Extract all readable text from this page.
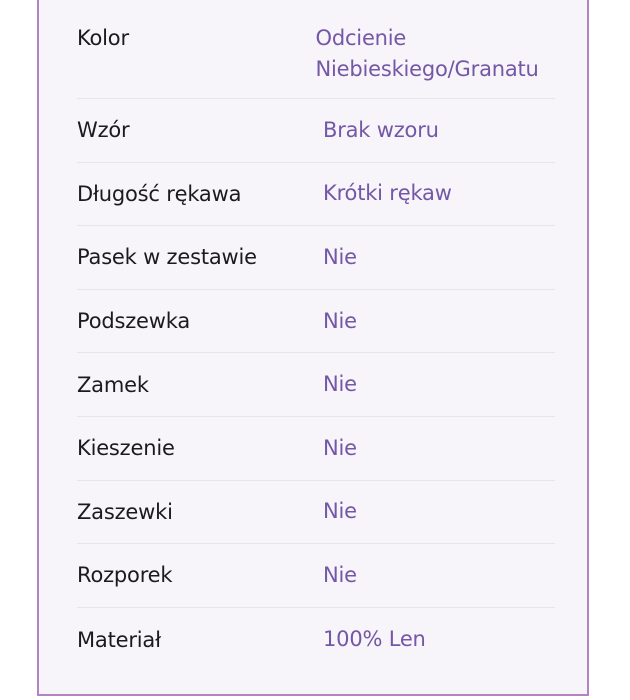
Kolor	Odcienie Niebieskiego/Granatu
Wzór	Brak wzoru
Długość rękawa	Krótki rękaw
Pasek w zestawie	Nie
Podszewka	Nie
Zamek	Nie
Kieszenie	Nie
Zaszewki	Nie
Rozporek	Nie
Materiał	100% Len
